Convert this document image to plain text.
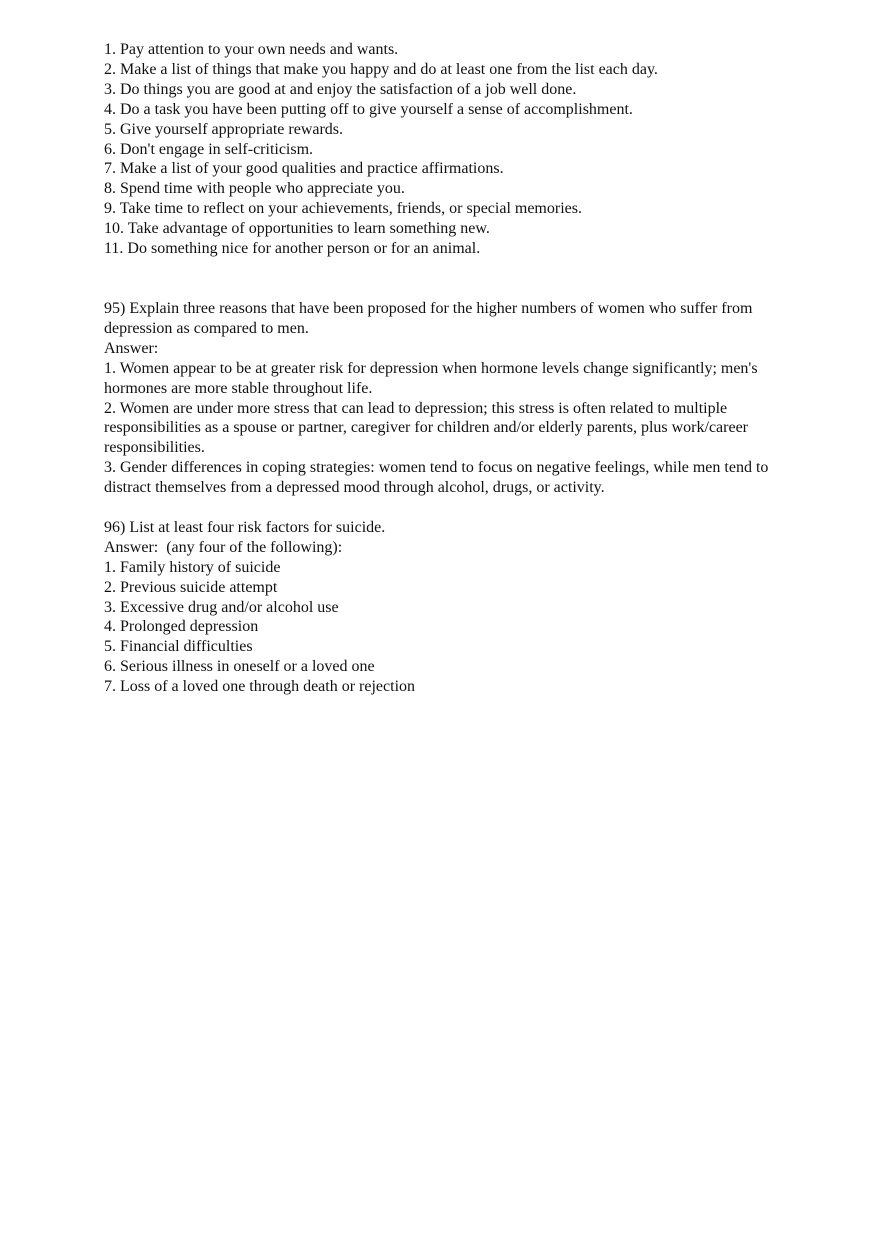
1. Pay attention to your own needs and wants.
2. Make a list of things that make you happy and do at least one from the list each day.
3. Do things you are good at and enjoy the satisfaction of a job well done.
4. Do a task you have been putting off to give yourself a sense of accomplishment.
5. Give yourself appropriate rewards.
6. Don't engage in self-criticism.
7. Make a list of your good qualities and practice affirmations.
8. Spend time with people who appreciate you.
9. Take time to reflect on your achievements, friends, or special memories.
10. Take advantage of opportunities to learn something new.
11. Do something nice for another person or for an animal.
95) Explain three reasons that have been proposed for the higher numbers of women who suffer from depression as compared to men.
Answer:
1. Women appear to be at greater risk for depression when hormone levels change significantly; men's hormones are more stable throughout life.
2. Women are under more stress that can lead to depression; this stress is often related to multiple responsibilities as a spouse or partner, caregiver for children and/or elderly parents, plus work/career responsibilities.
3. Gender differences in coping strategies: women tend to focus on negative feelings, while men tend to distract themselves from a depressed mood through alcohol, drugs, or activity.
96) List at least four risk factors for suicide.
Answer:  (any four of the following):
1. Family history of suicide
2. Previous suicide attempt
3. Excessive drug and/or alcohol use
4. Prolonged depression
5. Financial difficulties
6. Serious illness in oneself or a loved one
7. Loss of a loved one through death or rejection
